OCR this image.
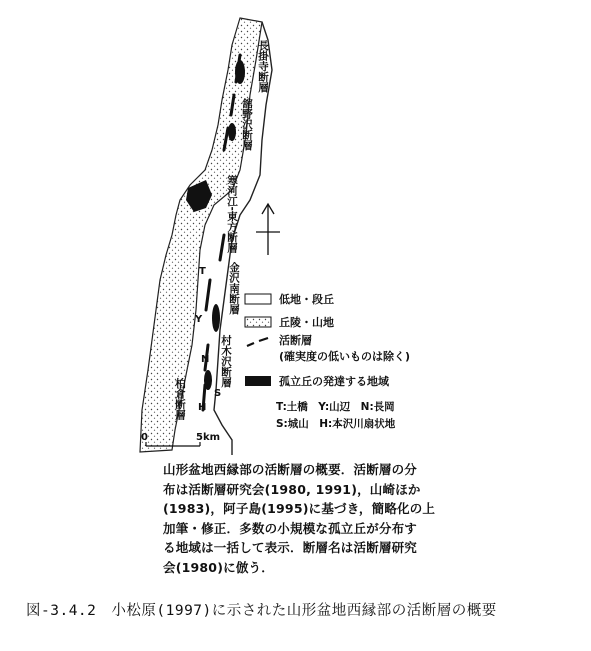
長掛寺断層
舘野沢断層
寒河江-東方断層
金沢南断層
村木沢断層
柏倉断層
T
Y
N
S
H
0	5km
低地・段丘
丘陵・山地
活断層
(確実度の低いものは除く)
孤立丘の発達する地域
T:土橋　Y:山辺　N:長岡
S:城山　H:本沢川扇状地
山形盆地西縁部の活断層の概要．活断層の分
布は活断層研究会(1980, 1991)，山崎ほか
(1983)，阿子島(1995)に基づき，簡略化の上
加筆・修正．多数の小規模な孤立丘が分布す
る地域は一括して表示．断層名は活断層研究
会(1980)に倣う．
図-3.4.2　小松原(1997)に示された山形盆地西縁部の活断層の概要
